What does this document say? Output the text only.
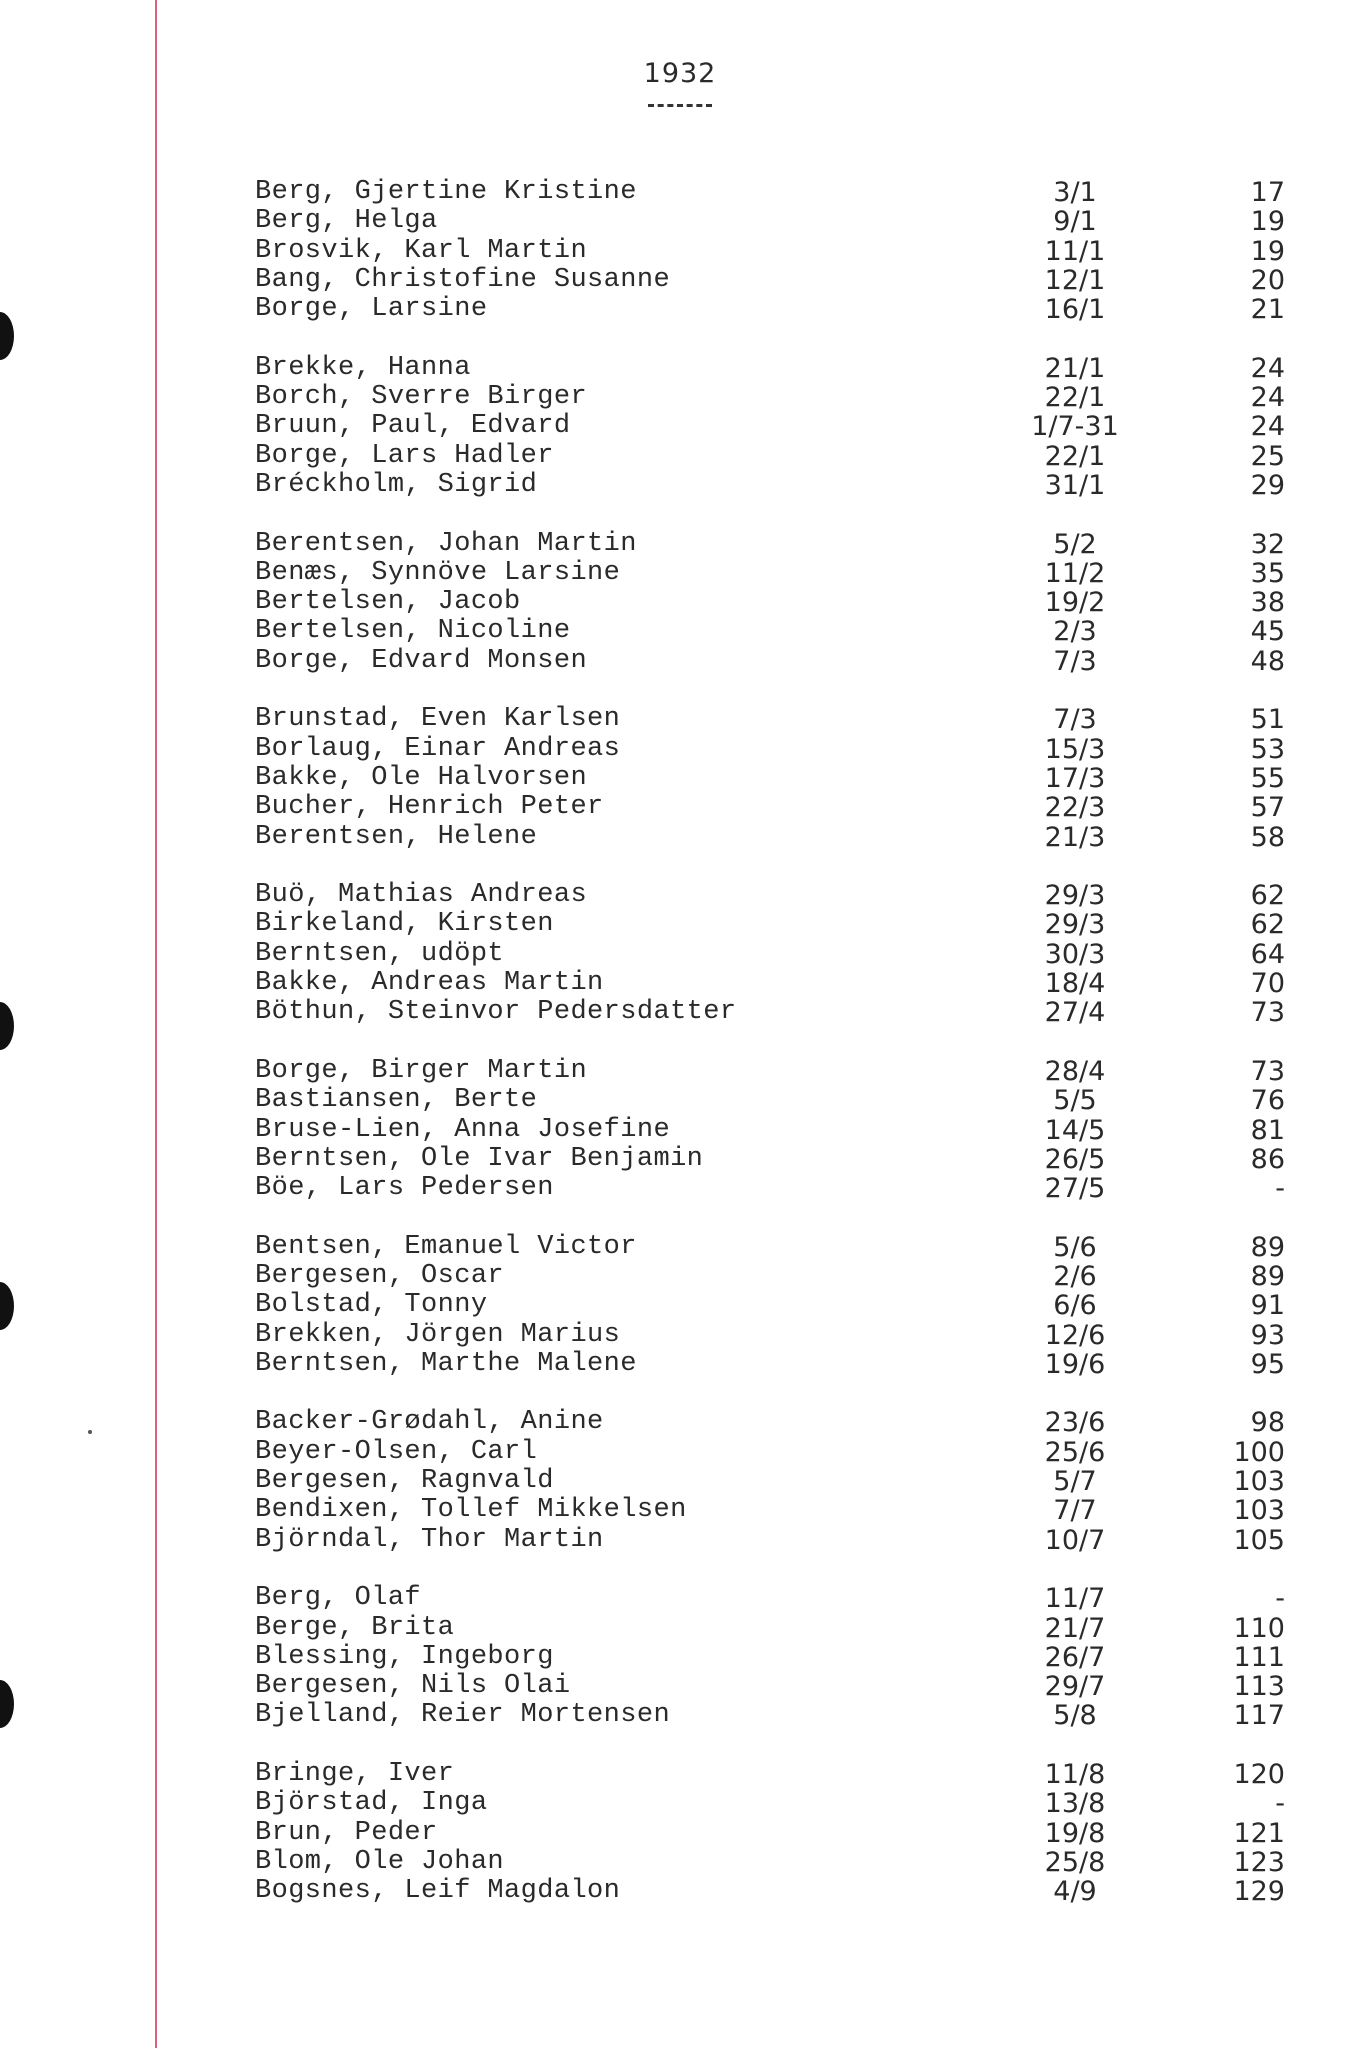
1932
Berg, Gjertine Kristine	3/1	17
Berg, Helga	9/1	19
Brosvik, Karl Martin	11/1	19
Bang, Christofine Susanne	12/1	20
Borge, Larsine	16/1	21
Brekke, Hanna	21/1	24
Borch, Sverre Birger	22/1	24
Bruun, Paul, Edvard	1/7-31	24
Borge, Lars Hadler	22/1	25
Bréckholm, Sigrid	31/1	29
Berentsen, Johan Martin	5/2	32
Benæs, Synnöve Larsine	11/2	35
Bertelsen, Jacob	19/2	38
Bertelsen, Nicoline	2/3	45
Borge, Edvard Monsen	7/3	48
Brunstad, Even Karlsen	7/3	51
Borlaug, Einar Andreas	15/3	53
Bakke, Ole Halvorsen	17/3	55
Bucher, Henrich Peter	22/3	57
Berentsen, Helene	21/3	58
Buö, Mathias Andreas	29/3	62
Birkeland, Kirsten	29/3	62
Berntsen, udöpt	30/3	64
Bakke, Andreas Martin	18/4	70
Böthun, Steinvor Pedersdatter	27/4	73
Borge, Birger Martin	28/4	73
Bastiansen, Berte	5/5	76
Bruse-Lien, Anna Josefine	14/5	81
Berntsen, Ole Ivar Benjamin	26/5	86
Böe, Lars Pedersen	27/5	-
Bentsen, Emanuel Victor	5/6	89
Bergesen, Oscar	2/6	89
Bolstad, Tonny	6/6	91
Brekken, Jörgen Marius	12/6	93
Berntsen, Marthe Malene	19/6	95
Backer-Grødahl, Anine	23/6	98
Beyer-Olsen, Carl	25/6	100
Bergesen, Ragnvald	5/7	103
Bendixen, Tollef Mikkelsen	7/7	103
Björndal, Thor Martin	10/7	105
Berg, Olaf	11/7	-
Berge, Brita	21/7	110
Blessing, Ingeborg	26/7	111
Bergesen, Nils Olai	29/7	113
Bjelland, Reier Mortensen	5/8	117
Bringe, Iver	11/8	120
Björstad, Inga	13/8	-
Brun, Peder	19/8	121
Blom, Ole Johan	25/8	123
Bogsnes, Leif Magdalon	4/9	129
